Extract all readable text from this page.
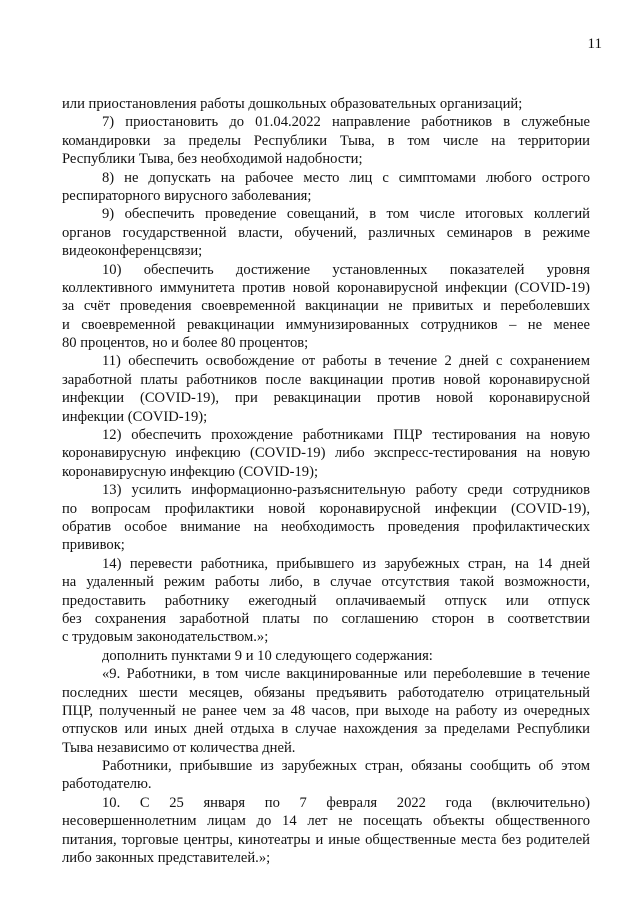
11
или приостановления работы дошкольных образовательных организаций;
7) приостановить до 01.04.2022 направление работников в служебные
командировки за пределы Республики Тыва, в том числе на территории
Республики Тыва, без необходимой надобности;
8) не допускать на рабочее место лиц с симптомами любого острого
респираторного вирусного заболевания;
9) обеспечить проведение совещаний, в том числе итоговых коллегий
органов государственной власти, обучений, различных семинаров в режиме
видеоконференцсвязи;
10) обеспечить достижение установленных показателей уровня
коллективного иммунитета против новой коронавирусной инфекции (COVID-19)
за счёт проведения своевременной вакцинации не привитых и переболевших
и своевременной ревакцинации иммунизированных сотрудников – не менее
80 процентов, но и более 80 процентов;
11) обеспечить освобождение от работы в течение 2 дней с сохранением
заработной платы работников после вакцинации против новой коронавирусной
инфекции (COVID-19), при ревакцинации против новой коронавирусной
инфекции (COVID-19);
12) обеспечить прохождение работниками ПЦР тестирования на новую
коронавирусную инфекцию (COVID-19) либо экспресс-тестирования на новую
коронавирусную инфекцию (COVID-19);
13) усилить информационно-разъяснительную работу среди сотрудников
по вопросам профилактики новой коронавирусной инфекции (COVID-19),
обратив особое внимание на необходимость проведения профилактических
прививок;
14) перевести работника, прибывшего из зарубежных стран, на 14 дней
на удаленный режим работы либо, в случае отсутствия такой возможности,
предоставить работнику ежегодный оплачиваемый отпуск или отпуск
без сохранения заработной платы по соглашению сторон в соответствии
с трудовым законодательством.»;
дополнить пунктами 9 и 10 следующего содержания:
«9. Работники, в том числе вакцинированные или переболевшие в течение
последних шести месяцев, обязаны предъявить работодателю отрицательный
ПЦР, полученный не ранее чем за 48 часов, при выходе на работу из очередных
отпусков или иных дней отдыха в случае нахождения за пределами Республики
Тыва независимо от количества дней.
Работники, прибывшие из зарубежных стран, обязаны сообщить об этом
работодателю.
10. С 25 января по 7 февраля 2022 года (включительно)
несовершеннолетним лицам до 14 лет не посещать объекты общественного
питания, торговые центры, кинотеатры и иные общественные места без родителей
либо законных представителей.»;
